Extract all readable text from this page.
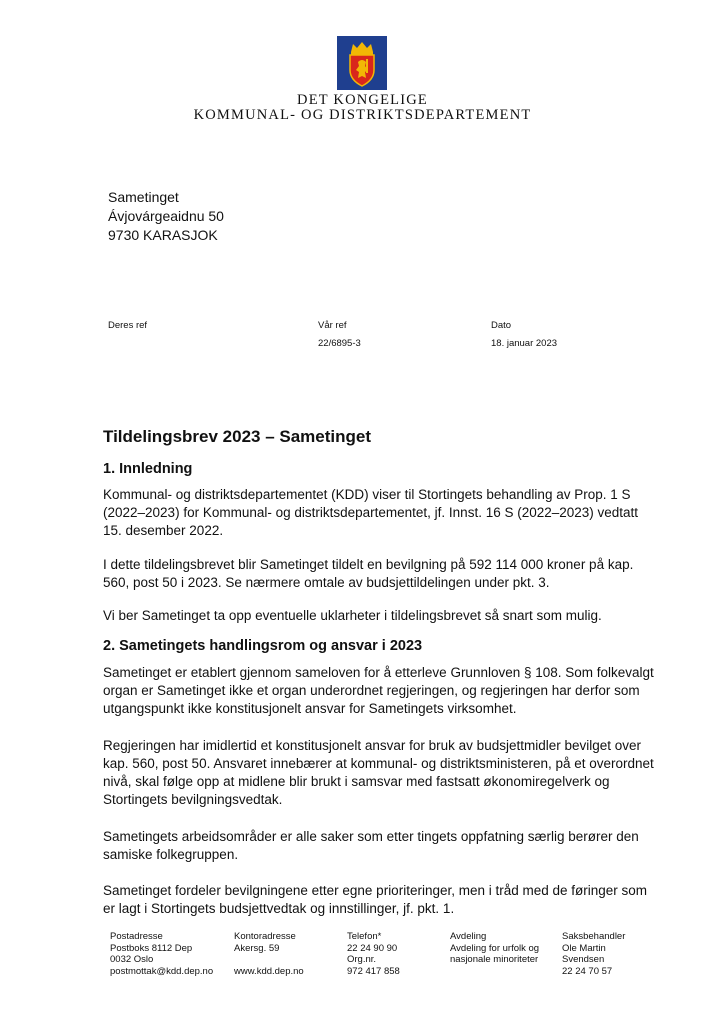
DET KONGELIGE
KOMMUNAL- OG DISTRIKTSDEPARTEMENT
Sametinget
Ávjovárgeaidnu 50
9730 KARASJOK
Deres ref	Vår ref
22/6895-3
Dato
18. januar 2023
Tildelingsbrev 2023 – Sametinget
1. Innledning

Kommunal- og distriktsdepartementet (KDD) viser til Stortingets behandling av Prop. 1 S (2022–2023) for Kommunal- og distriktsdepartementet, jf. Innst. 16 S (2022–2023) vedtatt 15. desember 2022.

I dette tildelingsbrevet blir Sametinget tildelt en bevilgning på 592 114 000 kroner på kap. 560, post 50 i 2023. Se nærmere omtale av budsjettildelingen under pkt. 3.

Vi ber Sametinget ta opp eventuelle uklarheter i tildelingsbrevet så snart som mulig.

2. Sametingets handlingsrom og ansvar i 2023

Sametinget er etablert gjennom sameloven for å etterleve Grunnloven § 108. Som folkevalgt organ er Sametinget ikke et organ underordnet regjeringen, og regjeringen har derfor som utgangspunkt ikke konstitusjonelt ansvar for Sametingets virksomhet.

Regjeringen har imidlertid et konstitusjonelt ansvar for bruk av budsjettmidler bevilget over kap. 560, post 50. Ansvaret innebærer at kommunal- og distriktsministeren, på et overordnet nivå, skal følge opp at midlene blir brukt i samsvar med fastsatt økonomiregelverk og Stortingets bevilgningsvedtak.

Sametingets arbeidsområder er alle saker som etter tingets oppfatning særlig berører den samiske folkegruppen.

Sametinget fordeler bevilgningene etter egne prioriteringer, men i tråd med de føringer som er lagt i Stortingets budsjettvedtak og innstillinger, jf. pkt. 1.

Postadresse
Postboks 8112 Dep
0032 Oslo
postmottak@kdd.dep.no
Kontoradresse
Akersg. 59
www.kdd.dep.no
Telefon*
22 24 90 90
Org.nr.
972 417 858
Avdeling
Avdeling for urfolk og
nasjonale minoriteter
Saksbehandler
Ole Martin
Svendsen
22 24 70 57
